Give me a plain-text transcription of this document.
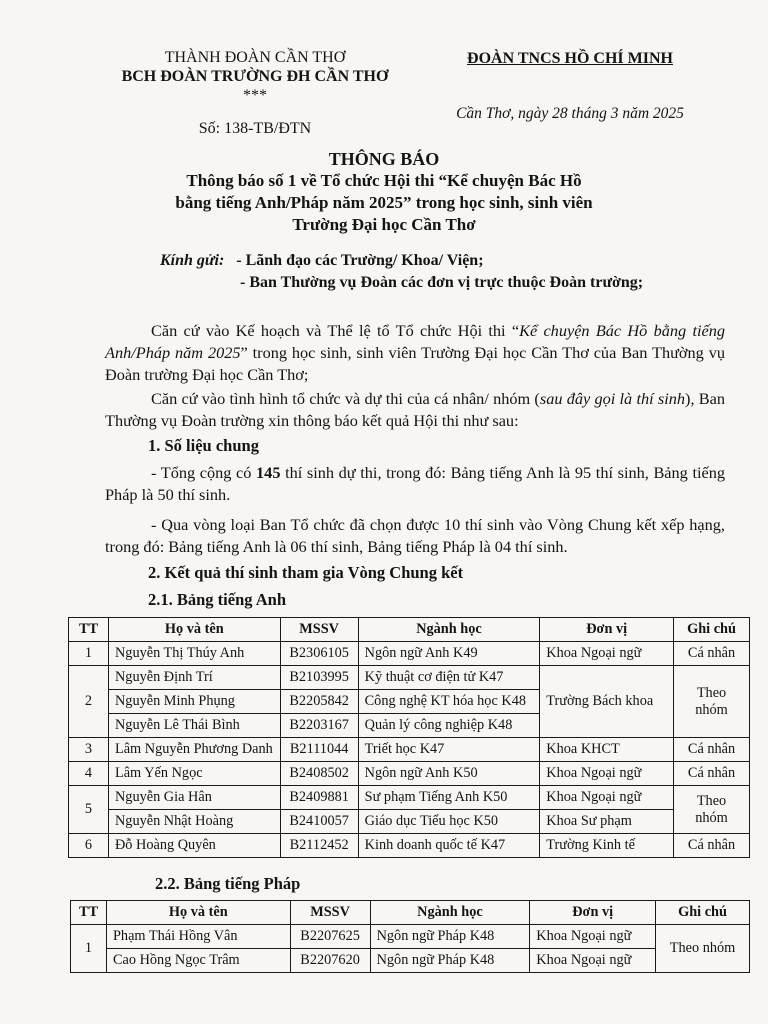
THÀNH ĐOÀN CẦN THƠ
BCH ĐOÀN TRƯỜNG ĐH CẦN THƠ
***
Số: 138-TB/ĐTN
ĐOÀN TNCS HỒ CHÍ MINH
Cần Thơ, ngày 28 tháng 3 năm 2025
THÔNG BÁO
Thông báo số 1 về Tổ chức Hội thi “Kể chuyện Bác Hồ
bằng tiếng Anh/Pháp năm 2025” trong học sinh, sinh viên
Trường Đại học Cần Thơ
Kính gửi: - Lãnh đạo các Trường/ Khoa/ Viện;
- Ban Thường vụ Đoàn các đơn vị trực thuộc Đoàn trường;
Căn cứ vào Kế hoạch và Thể lệ tổ Tổ chức Hội thi “Kể chuyện Bác Hồ bằng tiếng Anh/Pháp năm 2025” trong học sinh, sinh viên Trường Đại học Cần Thơ của Ban Thường vụ Đoàn trường Đại học Cần Thơ;
Căn cứ vào tình hình tổ chức và dự thi của cá nhân/ nhóm (sau đây gọi là thí sinh), Ban Thường vụ Đoàn trường xin thông báo kết quả Hội thi như sau:
1. Số liệu chung
- Tổng cộng có 145 thí sinh dự thi, trong đó: Bảng tiếng Anh là 95 thí sinh, Bảng tiếng Pháp là 50 thí sinh.
- Qua vòng loại Ban Tổ chức đã chọn được 10 thí sinh vào Vòng Chung kết xếp hạng, trong đó: Bảng tiếng Anh là 06 thí sinh, Bảng tiếng Pháp là 04 thí sinh.
2. Kết quả thí sinh tham gia Vòng Chung kết
2.1. Bảng tiếng Anh
TT	Họ và tên	MSSV	Ngành học	Đơn vị	Ghi chú
1	Nguyễn Thị Thúy Anh	B2306105	Ngôn ngữ Anh K49	Khoa Ngoại ngữ	Cá nhân
2	Nguyễn Định Trí	B2103995	Kỹ thuật cơ điện tử K47	Trường Bách khoa	Theo nhóm
	Nguyễn Minh Phụng	B2205842	Công nghệ KT hóa học K48		
	Nguyễn Lê Thái Bình	B2203167	Quản lý công nghiệp K48		
3	Lâm Nguyễn Phương Danh	B2111044	Triết học K47	Khoa KHCT	Cá nhân
4	Lâm Yến Ngọc	B2408502	Ngôn ngữ Anh K50	Khoa Ngoại ngữ	Cá nhân
5	Nguyễn Gia Hân	B2409881	Sư phạm Tiếng Anh K50	Khoa Ngoại ngữ	Theo nhóm
	Nguyễn Nhật Hoàng	B2410057	Giáo dục Tiểu học K50	Khoa Sư phạm	
6	Đỗ Hoàng Quyên	B2112452	Kinh doanh quốc tế K47	Trường Kinh tế	Cá nhân
2.2. Bảng tiếng Pháp
TT	Họ và tên	MSSV	Ngành học	Đơn vị	Ghi chú
1	Phạm Thái Hồng Vân	B2207625	Ngôn ngữ Pháp K48	Khoa Ngoại ngữ	Theo nhóm
	Cao Hồng Ngọc Trâm	B2207620	Ngôn ngữ Pháp K48	Khoa Ngoại ngữ	
